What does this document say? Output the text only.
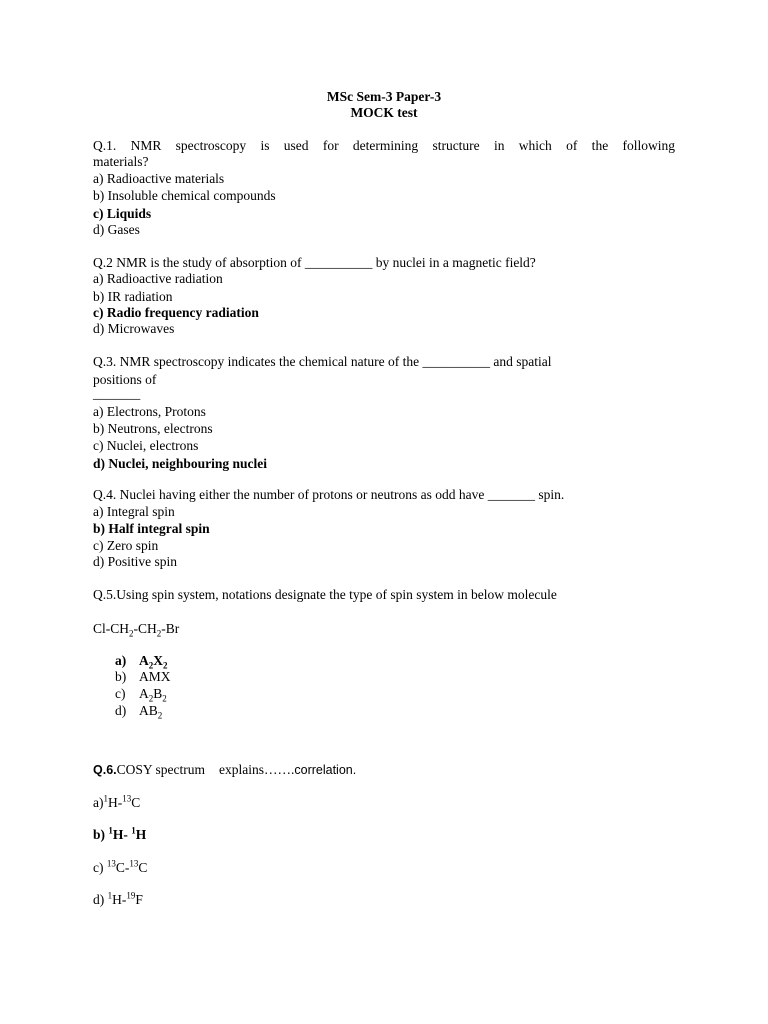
MSc Sem-3 Paper-3
MOCK test
Q.1. NMR spectroscopy is used for determining structure in which of the following
materials?
a) Radioactive materials
b) Insoluble chemical compounds
c) Liquids
d) Gases
Q.2 NMR is the study of absorption of __________ by nuclei in a magnetic field?
a) Radioactive radiation
b) IR radiation
c) Radio frequency radiation
d) Microwaves
Q.3. NMR spectroscopy indicates the chemical nature of the __________ and spatial
positions of
_______
a) Electrons, Protons
b) Neutrons, electrons
c) Nuclei, electrons
d) Nuclei, neighbouring nuclei
Q.4. Nuclei having either the number of protons or neutrons as odd have _______ spin.
a) Integral spin
b) Half integral spin
c) Zero spin
d) Positive spin
Q.5.Using spin system, notations designate the type of spin system in below molecule
$Cl-CH_2-CH_2-Br$
a) $A_2X_2$
b) AMX
c) $A_2B_2$
d) $AB_2$
Q.6.COSY spectrum explains…….correlation.
a)$^1$H-$^{13}$C
b) $^1$H- $^1$H
c) $^{13}$C-$^{13}$C
d) $^1$H-$^{19}$F
